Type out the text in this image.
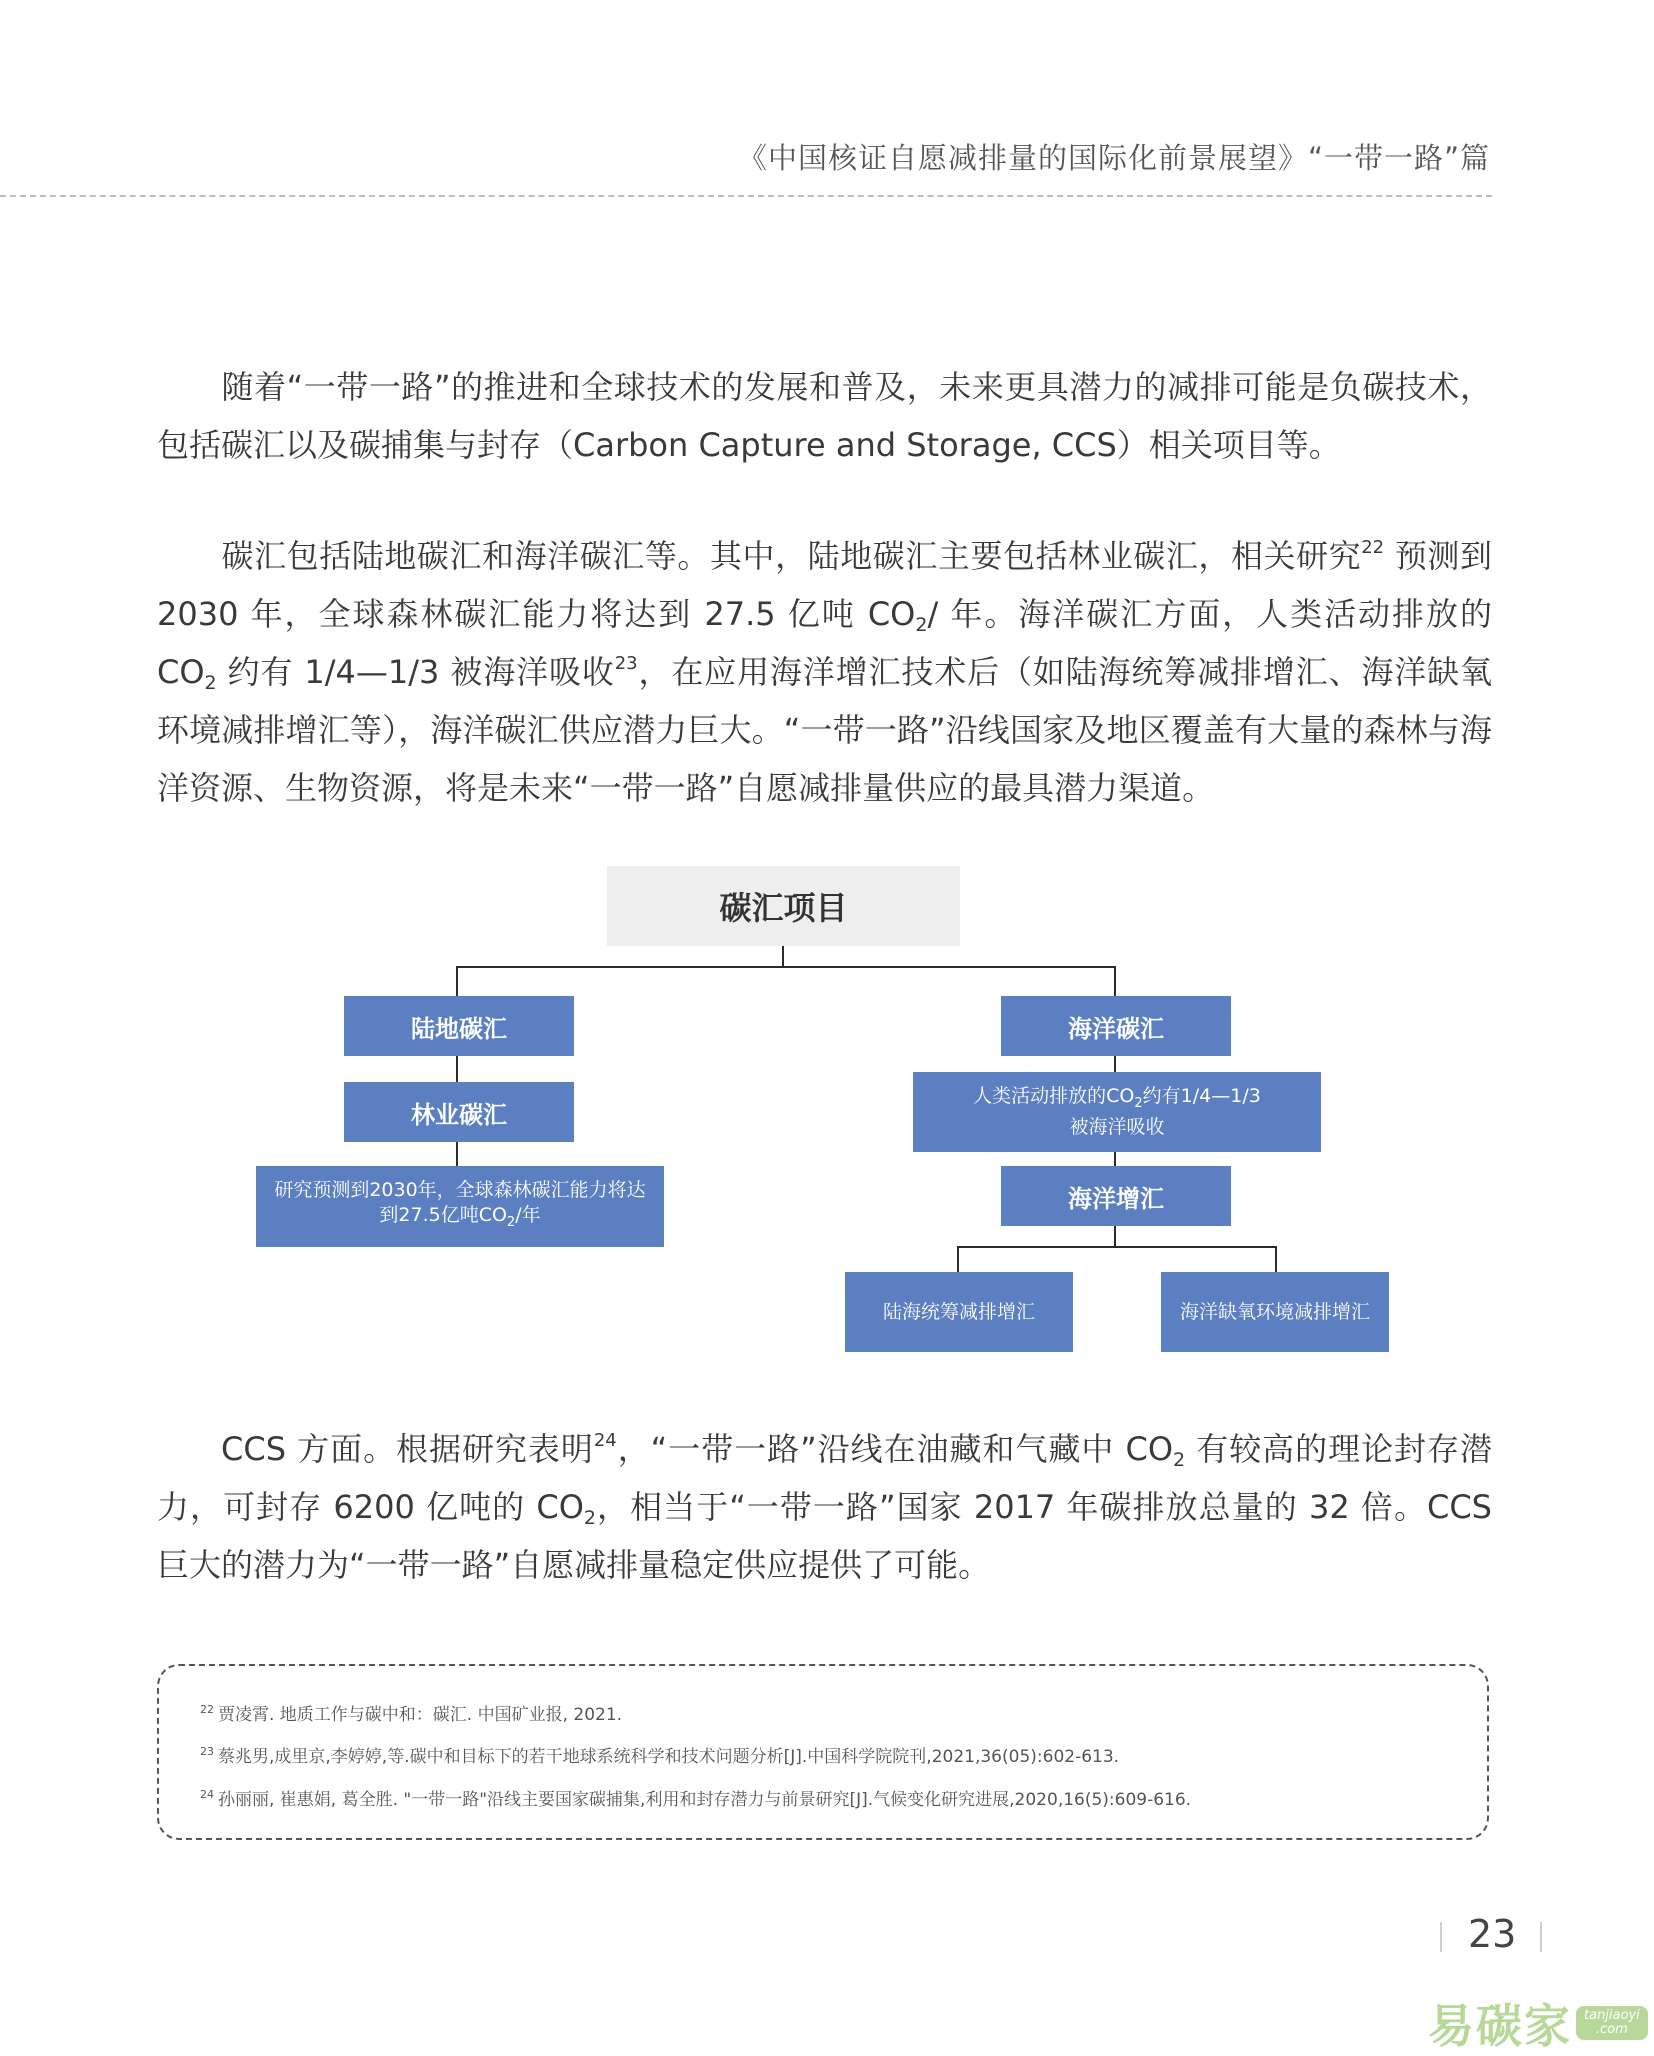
《中国核证自愿减排量的国际化前景展望》“一带一路”篇

随着“一带一路”的推进和全球技术的发展和普及，未来更具潜力的减排可能是负碳技术，包括碳汇以及碳捕集与封存（Carbon Capture and Storage, CCS）相关项目等。

碳汇包括陆地碳汇和海洋碳汇等。其中，陆地碳汇主要包括林业碳汇，相关研究$^{22}$ 预测到 2030 年，全球森林碳汇能力将达到 27.5 亿吨 $CO_2/$ 年。海洋碳汇方面，人类活动排放的 $CO_2$ 约有 1/4—1/3 被海洋吸收$^{23}$，在应用海洋增汇技术后（如陆海统筹减排增汇、海洋缺氧环境减排增汇等），海洋碳汇供应潜力巨大。“一带一路”沿线国家及地区覆盖有大量的森林与海洋资源、生物资源，将是未来“一带一路”自愿减排量供应的最具潜力渠道。

碳汇项目
陆地碳汇
林业碳汇
研究预测到2030年，全球森林碳汇能力将达到27.5亿吨$CO_2/$年
海洋碳汇
人类活动排放的$CO_2$约有1/4—1/3
被海洋吸收
海洋增汇
陆海统筹减排增汇	海洋缺氧环境减排增汇

CCS 方面。根据研究表明$^{24}$，“一带一路”沿线在油藏和气藏中 $CO_2$ 有较高的理论封存潜力，可封存 6200 亿吨的 $CO_2$，相当于“一带一路”国家 2017 年碳排放总量的 32 倍。CCS 巨大的潜力为“一带一路”自愿减排量稳定供应提供了可能。

$^{22}$ 贾凌霄. 地质工作与碳中和：碳汇. 中国矿业报, 2021.
$^{23}$ 蔡兆男,成里京,李婷婷,等.碳中和目标下的若干地球系统科学和技术问题分析[J].中国科学院院刊,2021,36(05):602-613.
$^{24}$ 孙丽丽, 崔惠娟, 葛全胜. "一带一路"沿线主要国家碳捕集,利用和封存潜力与前景研究[J].气候变化研究进展,2020,16(5):609-616.
23
易碳家 tanjiaoyi
.com
